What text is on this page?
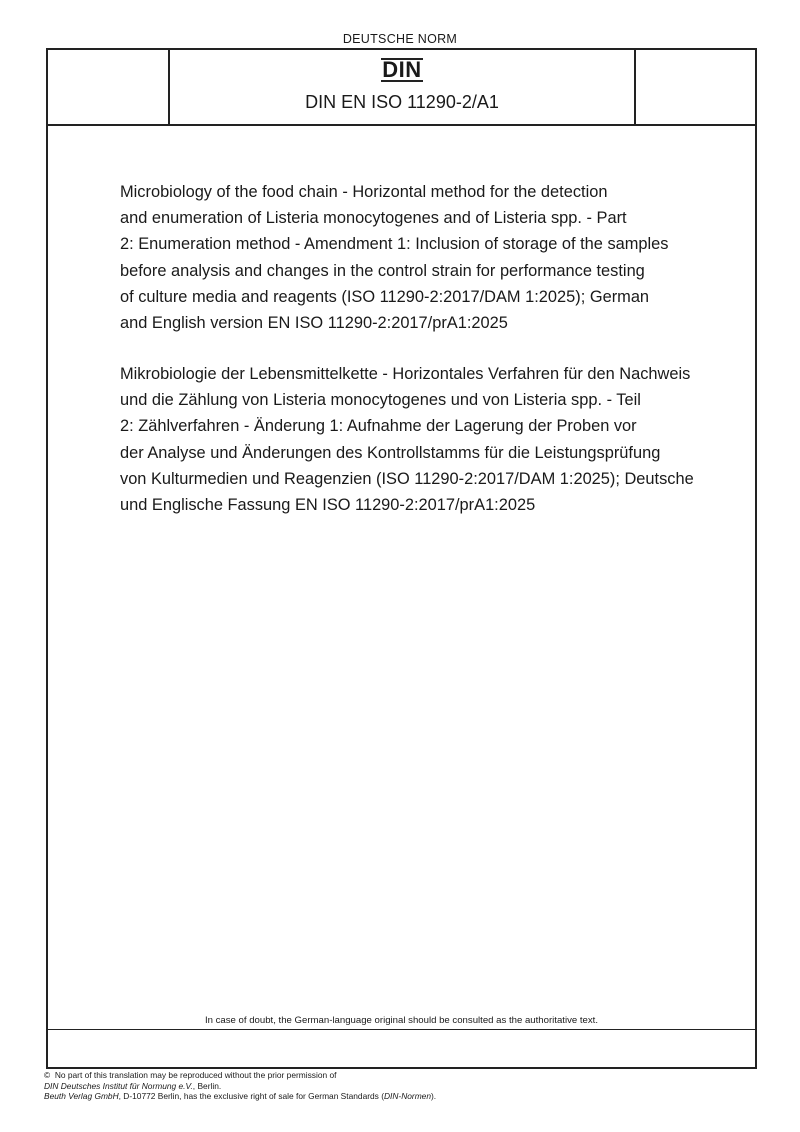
DEUTSCHE NORM
DIN
DIN EN ISO 11290-2/A1
Microbiology of the food chain - Horizontal method for the detection
and enumeration of Listeria monocytogenes and of Listeria spp. - Part
2: Enumeration method - Amendment 1: Inclusion of storage of the samples
before analysis and changes in the control strain for performance testing
of culture media and reagents (ISO 11290-2:2017/DAM 1:2025); German
and English version EN ISO 11290-2:2017/prA1:2025
Mikrobiologie der Lebensmittelkette - Horizontales Verfahren für den Nachweis
und die Zählung von Listeria monocytogenes und von Listeria spp. - Teil
2: Zählverfahren - Änderung 1: Aufnahme der Lagerung der Proben vor
der Analyse und Änderungen des Kontrollstamms für die Leistungsprüfung
von Kulturmedien und Reagenzien (ISO 11290-2:2017/DAM 1:2025); Deutsche
und Englische Fassung EN ISO 11290-2:2017/prA1:2025
In case of doubt, the German-language original should be consulted as the authoritative text.
© No part of this translation may be reproduced without the prior permission of
DIN Deutsches Institut für Normung e.V., Berlin.
Beuth Verlag GmbH, D-10772 Berlin, has the exclusive right of sale for German Standards (DIN-Normen).
